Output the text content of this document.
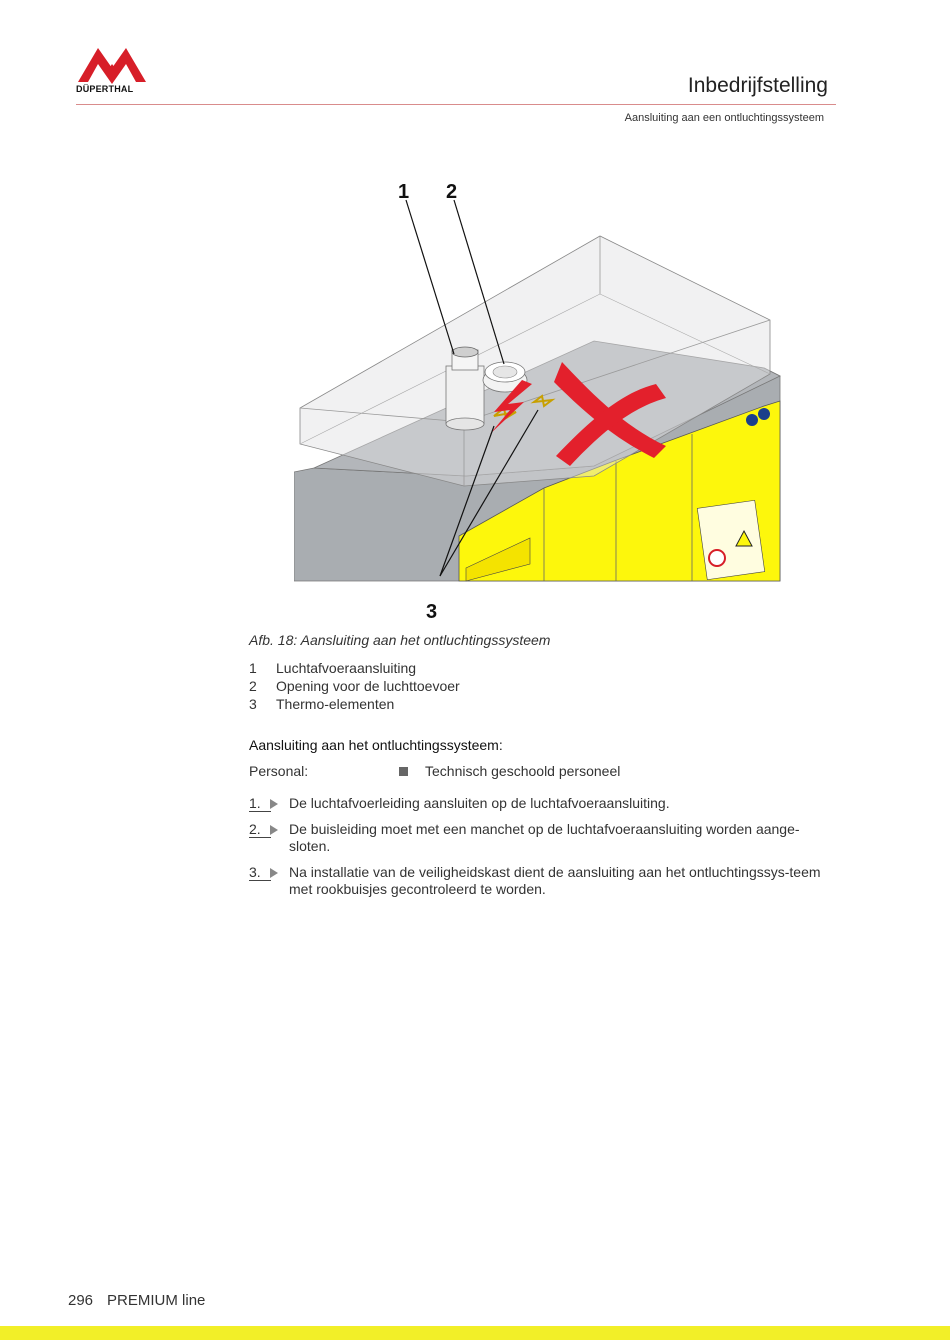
DÜPERTHAL	Inbedrijfstelling
Aansluiting aan een ontluchtingssysteem
1 2
3
Afb. 18: Aansluiting aan het ontluchtingssysteem
1	Luchtafvoeraansluiting
2	Opening voor de luchttoevoer
3	Thermo-elementen
Aansluiting aan het ontluchtingssysteem:
Personal:	Technisch geschoold personeel
1.	De luchtafvoerleiding aansluiten op de luchtafvoeraansluiting.
2.	De buisleiding moet met een manchet op de luchtafvoeraansluiting worden aange-sloten.
3.	Na installatie van de veiligheidskast dient de aansluiting aan het ontluchtingssys-teem met rookbuisjes gecontroleerd te worden.
296 PREMIUM line
